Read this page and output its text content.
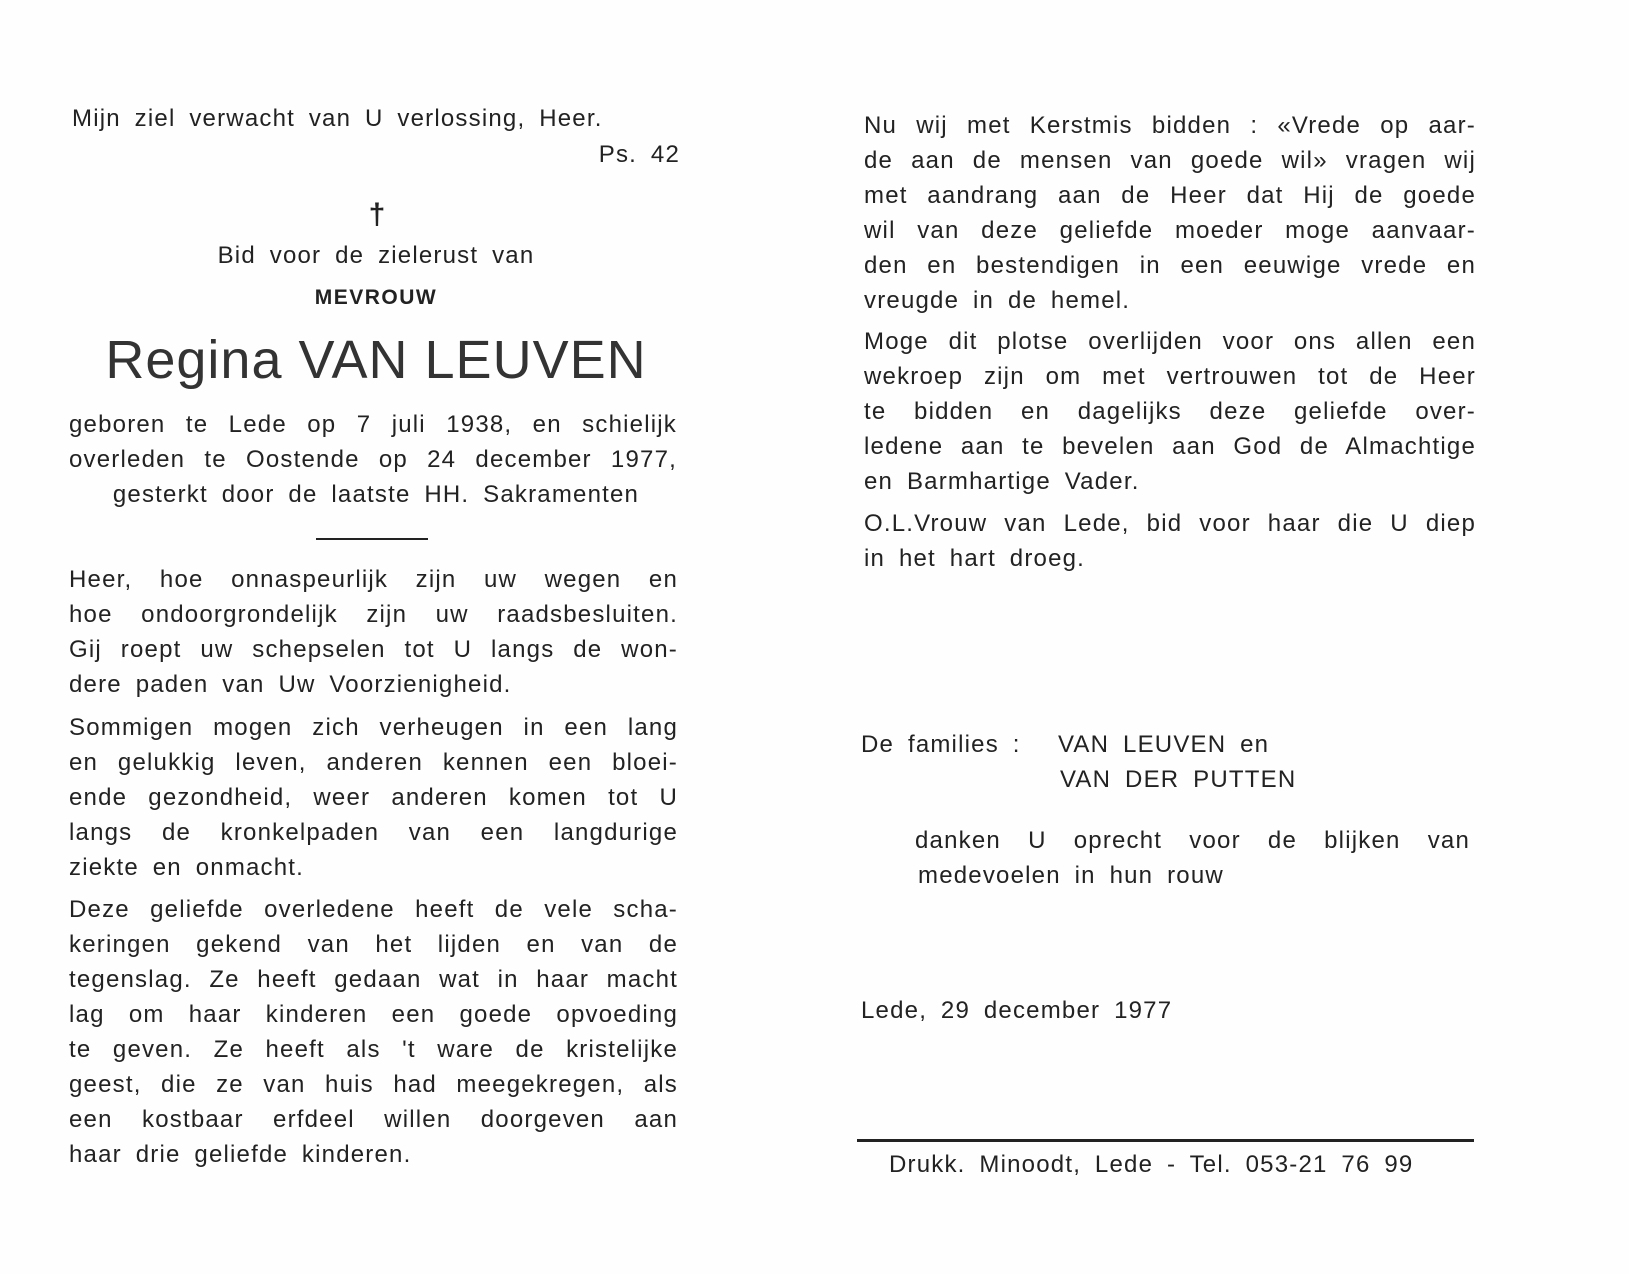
Mijn ziel verwacht van U verlossing, Heer.
Ps. 42
†
Bid voor de zielerust van
MEVROUW
Regina VAN LEUVEN
geboren te Lede op 7 juli 1938, en schielijk
overleden te Oostende op 24 december 1977,
gesterkt door de laatste HH. Sakramenten
Heer, hoe onnaspeurlijk zijn uw wegen en
hoe ondoorgrondelijk zijn uw raadsbesluiten.
Gij roept uw schepselen tot U langs de won-
dere paden van Uw Voorzienigheid.
Sommigen mogen zich verheugen in een lang
en gelukkig leven, anderen kennen een bloei-
ende gezondheid, weer anderen komen tot U
langs de kronkelpaden van een langdurige
ziekte en onmacht.
Deze geliefde overledene heeft de vele scha-
keringen gekend van het lijden en van de
tegenslag. Ze heeft gedaan wat in haar macht
lag om haar kinderen een goede opvoeding
te geven. Ze heeft als 't ware de kristelijke
geest, die ze van huis had meegekregen, als
een kostbaar erfdeel willen doorgeven aan
haar drie geliefde kinderen.
Nu wij met Kerstmis bidden : «Vrede op aar-
de aan de mensen van goede wil» vragen wij
met aandrang aan de Heer dat Hij de goede
wil van deze geliefde moeder moge aanvaar-
den en bestendigen in een eeuwige vrede en
vreugde in de hemel.
Moge dit plotse overlijden voor ons allen een
wekroep zijn om met vertrouwen tot de Heer
te bidden en dagelijks deze geliefde over-
ledene aan te bevelen aan God de Almachtige
en Barmhartige Vader.
O.L.Vrouw van Lede, bid voor haar die U diep
in het hart droeg.
De families : VAN LEUVEN en
VAN DER PUTTEN
danken U oprecht voor de blijken van
medevoelen in hun rouw
Lede, 29 december 1977
Drukk. Minoodt, Lede - Tel. 053-21 76 99
